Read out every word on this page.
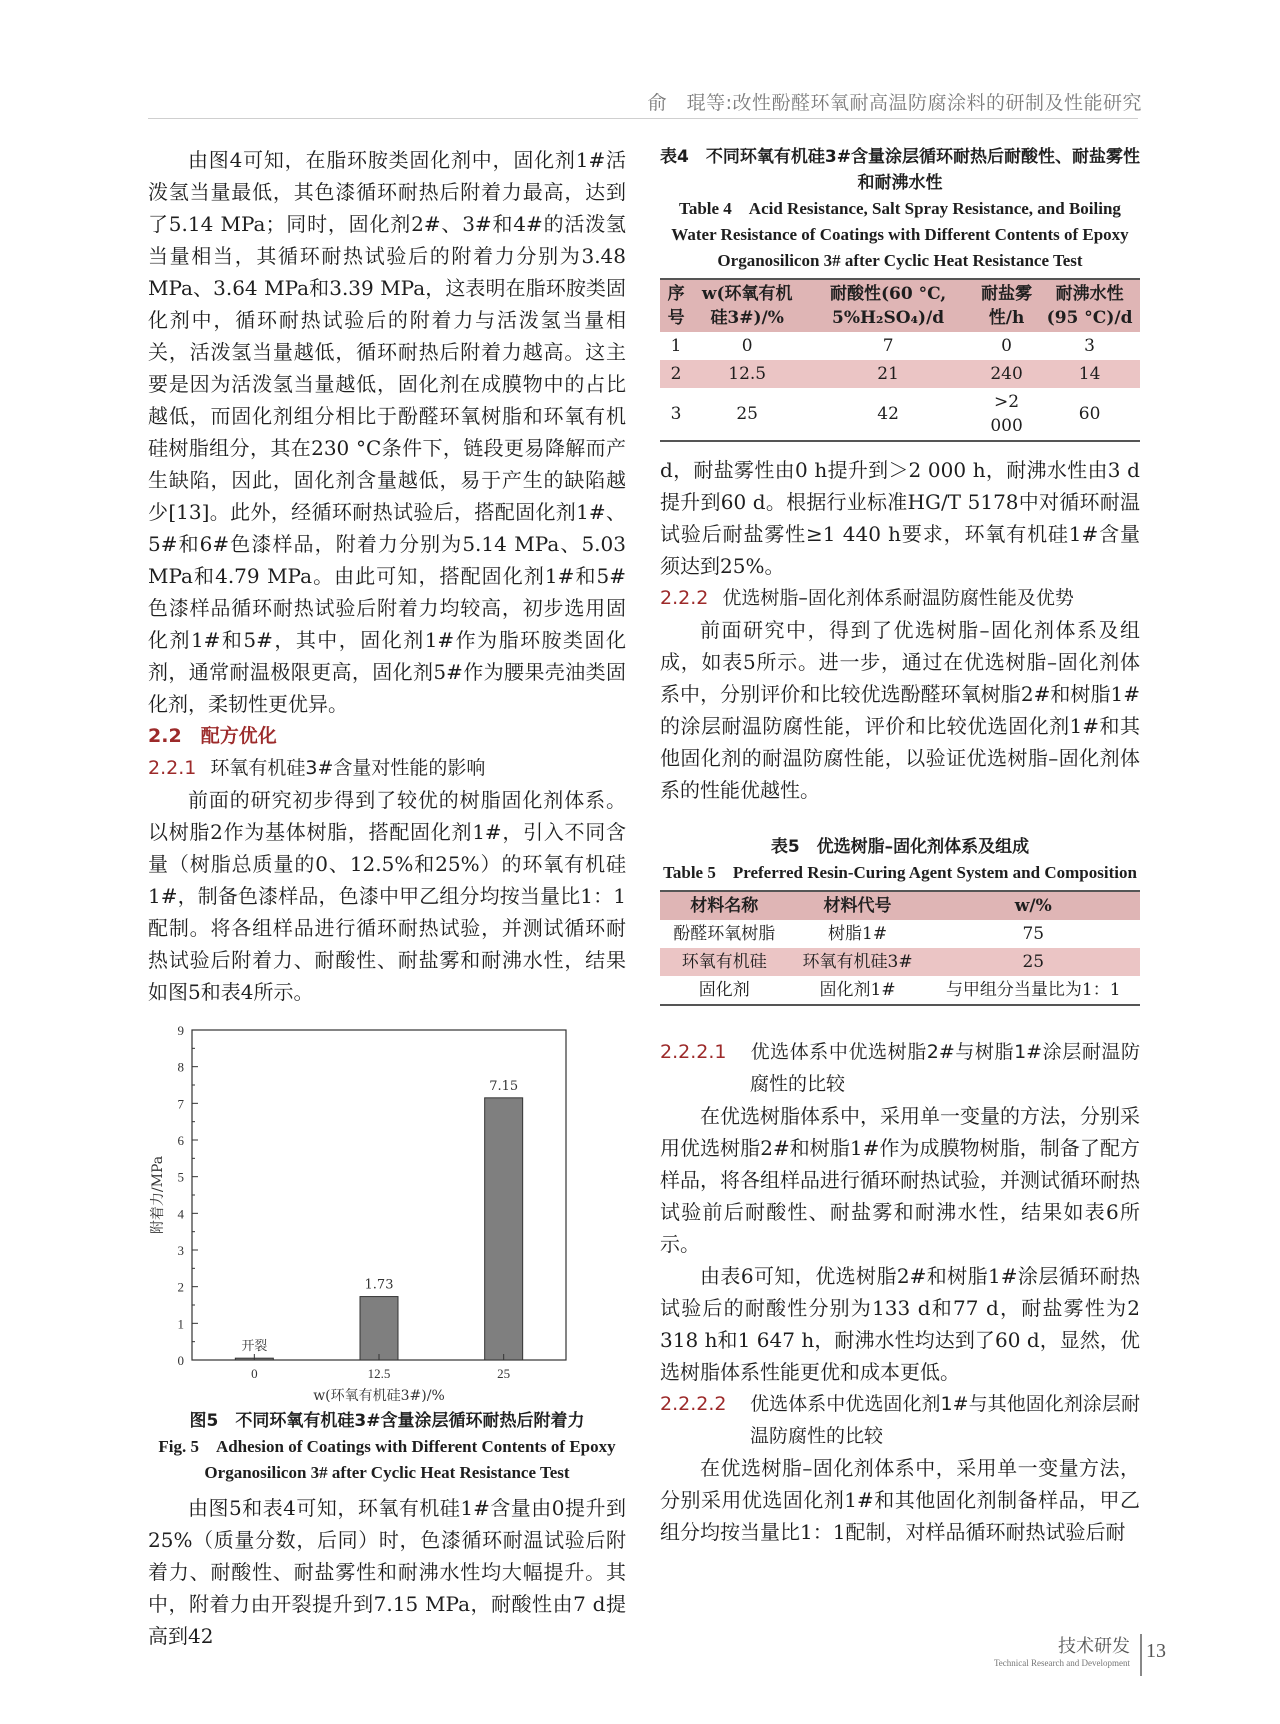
俞　琨等:改性酚醛环氧耐高温防腐涂料的研制及性能研究

由图4可知，在脂环胺类固化剂中，固化剂1#活泼氢当量最低，其色漆循环耐热后附着力最高，达到了5.14 MPa；同时，固化剂2#、3#和4#的活泼氢当量相当，其循环耐热试验后的附着力分别为3.48 MPa、3.64 MPa和3.39 MPa，这表明在脂环胺类固化剂中，循环耐热试验后的附着力与活泼氢当量相关，活泼氢当量越低，循环耐热后附着力越高。这主要是因为活泼氢当量越低，固化剂在成膜物中的占比越低，而固化剂组分相比于酚醛环氧树脂和环氧有机硅树脂组分，其在230 °C条件下，链段更易降解而产生缺陷，因此，固化剂含量越低，易于产生的缺陷越少[13]。此外，经循环耐热试验后，搭配固化剂1#、5#和6#色漆样品，附着力分别为5.14 MPa、5.03 MPa和4.79 MPa。由此可知，搭配固化剂1#和5#色漆样品循环耐热试验后附着力均较高，初步选用固化剂1#和5#，其中，固化剂1#作为脂环胺类固化剂，通常耐温极限更高，固化剂5#作为腰果壳油类固化剂，柔韧性更优异。

2.2　 配方优化
2.2.1 环氧有机硅3#含量对性能的影响

前面的研究初步得到了较优的树脂固化剂体系。以树脂2作为基体树脂，搭配固化剂1#，引入不同含量（树脂总质量的0、12.5%和25%）的环氧有机硅1#，制备色漆样品，色漆中甲乙组分均按当量比1：1配制。将各组样品进行循环耐热试验，并测试循环耐热试验后附着力、耐酸性、耐盐雾和耐沸水性，结果如图5和表4所示。

0
1
2
3
4
5
6
7
8
9
0
开裂
12.5
1.73
25
7.15
w(环氧有机硅3#)/%
附着力/MPa
图5　不同环氧有机硅3#含量涂层循环耐热后附着力
Fig. 5　Adhesion of Coatings with Different Contents of Epoxy Organosilicon 3# after Cyclic Heat Resistance Test

由图5和表4可知，环氧有机硅1#含量由0提升到25%（质量分数，后同）时，色漆循环耐温试验后附着力、耐酸性、耐盐雾性和耐沸水性均大幅提升。其中，附着力由开裂提升到7.15 MPa，耐酸性由7 d提高到42

表4　不同环氧有机硅3#含量涂层循环耐热后耐酸性、耐盐雾性和耐沸水性
Table 4　Acid Resistance, Salt Spray Resistance, and Boiling Water Resistance of Coatings with Different Contents of Epoxy Organosilicon 3# after Cyclic Heat Resistance Test
序号	w(环氧有机硅3#)/%	耐酸性(60 °C, 5%H₂SO₄)/d	耐盐雾性/h	耐沸水性(95 °C)/d
1	0	7	0	3
2	12.5	21	240	14
3	25	42	>2 000	60

d，耐盐雾性由0 h提升到＞2 000 h，耐沸水性由3 d提升到60 d。根据行业标准HG/T 5178中对循环耐温试验后耐盐雾性≥1 440 h要求，环氧有机硅1#含量须达到25%。

2.2.2 优选树脂–固化剂体系耐温防腐性能及优势

前面研究中，得到了优选树脂–固化剂体系及组成，如表5所示。进一步，通过在优选树脂–固化剂体系中，分别评价和比较优选酚醛环氧树脂2#和树脂1#的涂层耐温防腐性能，评价和比较优选固化剂1#和其他固化剂的耐温防腐性能，以验证优选树脂–固化剂体系的性能优越性。

表5　优选树脂–固化剂体系及组成
Table 5　Preferred Resin-Curing Agent System and Composition
材料名称	材料代号	w/%
酚醛环氧树脂	树脂1#	75
环氧有机硅	环氧有机硅3#	25
固化剂	固化剂1#	与甲组分当量比为1：1
2.2.2.1 优选体系中优选树脂2#与树脂1#涂层耐温防腐性的比较

在优选树脂体系中，采用单一变量的方法，分别采用优选树脂2#和树脂1#作为成膜物树脂，制备了配方样品，将各组样品进行循环耐热试验，并测试循环耐热试验前后耐酸性、耐盐雾和耐沸水性，结果如表6所示。

由表6可知，优选树脂2#和树脂1#涂层循环耐热试验后的耐酸性分别为133 d和77 d，耐盐雾性为2 318 h和1 647 h，耐沸水性均达到了60 d，显然，优选树脂体系性能更优和成本更低。

2.2.2.2 优选体系中优选固化剂1#与其他固化剂涂层耐温防腐性的比较

在优选树脂–固化剂体系中，采用单一变量方法，分别采用优选固化剂1#和其他固化剂制备样品，甲乙组分均按当量比1：1配制，对样品循环耐热试验后耐

技术研发
Technical Research and Development
13
